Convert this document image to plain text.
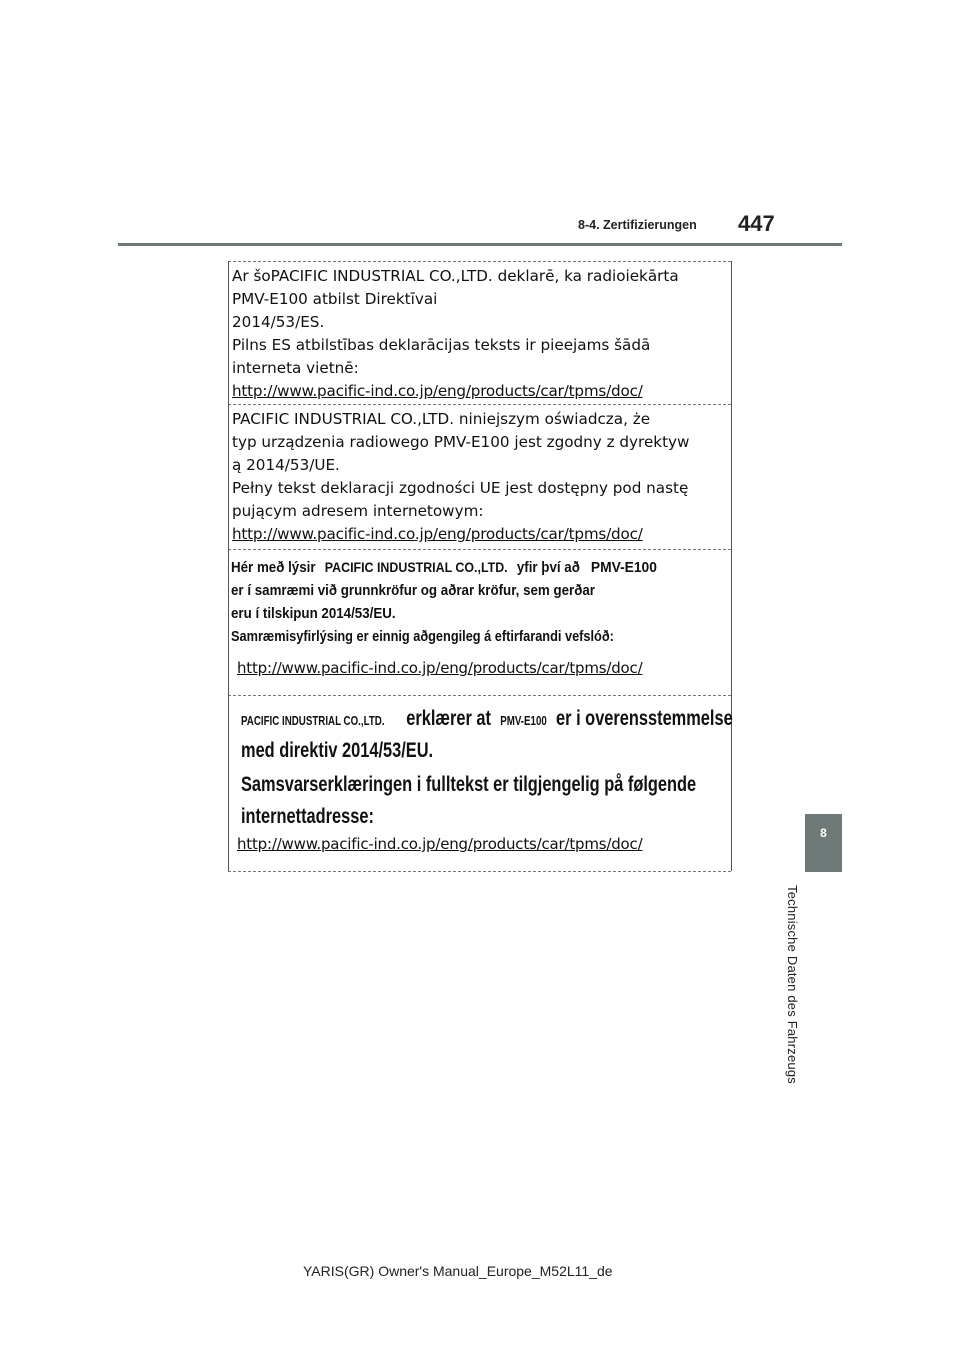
8-4. Zertifizierungen 447
8
Technische Daten des Fahrzeugs
Ar šoPACIFIC INDUSTRIAL CO.,LTD. deklarē, ka radioiekārta
PMV-E100 atbilst Direktīvai
2014/53/ES.
Pilns ES atbilstības deklarācijas teksts ir pieejams šādā
interneta vietnē:
http://www.pacific-ind.co.jp/eng/products/car/tpms/doc/
PACIFIC INDUSTRIAL CO.,LTD. niniejszym oświadcza, że
typ urządzenia radiowego PMV-E100 jest zgodny z dyrektyw
ą 2014/53/UE.
Pełny tekst deklaracji zgodności UE jest dostępny pod nastę
pującym adresem internetowym:
http://www.pacific-ind.co.jp/eng/products/car/tpms/doc/
Hér með lýsir PACIFIC INDUSTRIAL CO.,LTD. yfir því að PMV-E100
er í samræmi við grunnkröfur og aðrar kröfur, sem gerðar
eru í tilskipun 2014/53/EU.
Samræmisyfirlýsing er einnig aðgengileg á eftirfarandi vefslóð:
http://www.pacific-ind.co.jp/eng/products/car/tpms/doc/
PACIFIC INDUSTRIAL CO.,LTD. erklærer at PMV-E100 er i overensstemmelse
med direktiv 2014/53/EU.
Samsvarserklæringen i fulltekst er tilgjengelig på følgende
internettadresse:
http://www.pacific-ind.co.jp/eng/products/car/tpms/doc/
YARIS(GR) Owner's Manual_Europe_M52L11_de
